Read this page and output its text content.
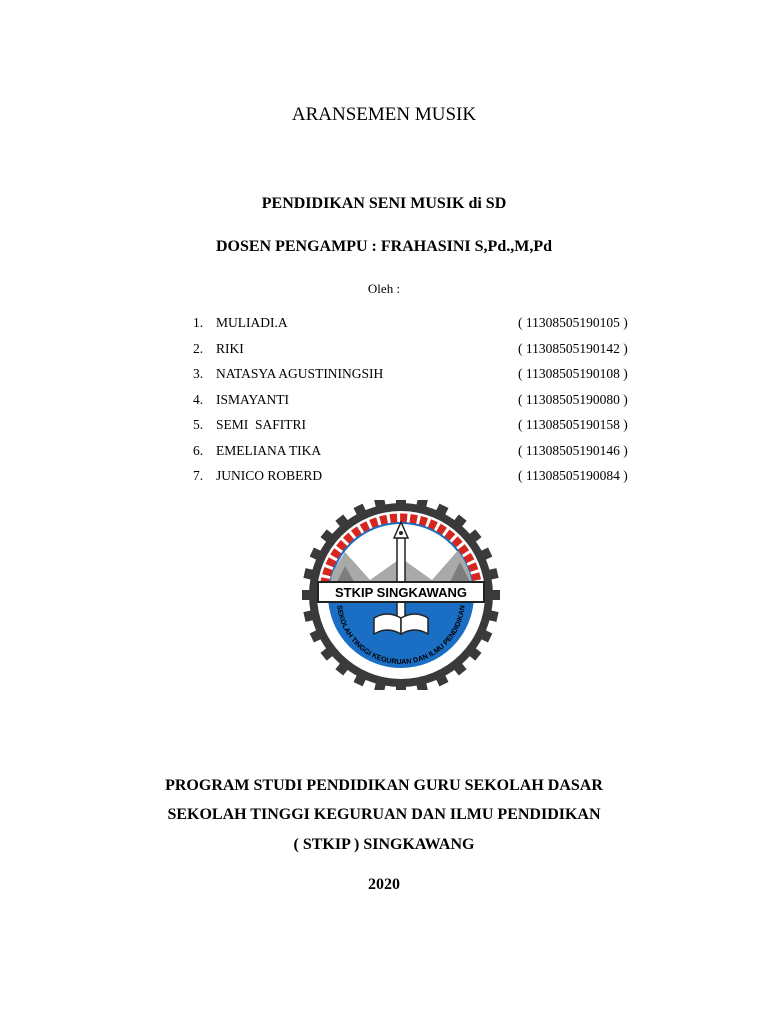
ARANSEMEN MUSIK
PENDIDIKAN SENI MUSIK di SD
DOSEN PENGAMPU : FRAHASINI S,Pd.,M,Pd
Oleh :
1. MULIADI.A	( 11308505190105 )
2. RIKI	( 11308505190142 )
3. NATASYA AGUSTININGSIH	( 11308505190108 )
4. ISMAYANTI	( 11308505190080 )
5. SEMI  SAFITRI	( 11308505190158 )
6. EMELIANA TIKA	( 11308505190146 )
7. JUNICO ROBERD	( 11308505190084 )
STKIP SINGKAWANG
SEKOLAH TINGGI KEGURUAN DAN ILMU PENDIDIKAN
PROGRAM STUDI PENDIDIKAN GURU SEKOLAH DASAR
SEKOLAH TINGGI KEGURUAN DAN ILMU PENDIDIKAN
( STKIP ) SINGKAWANG
2020
